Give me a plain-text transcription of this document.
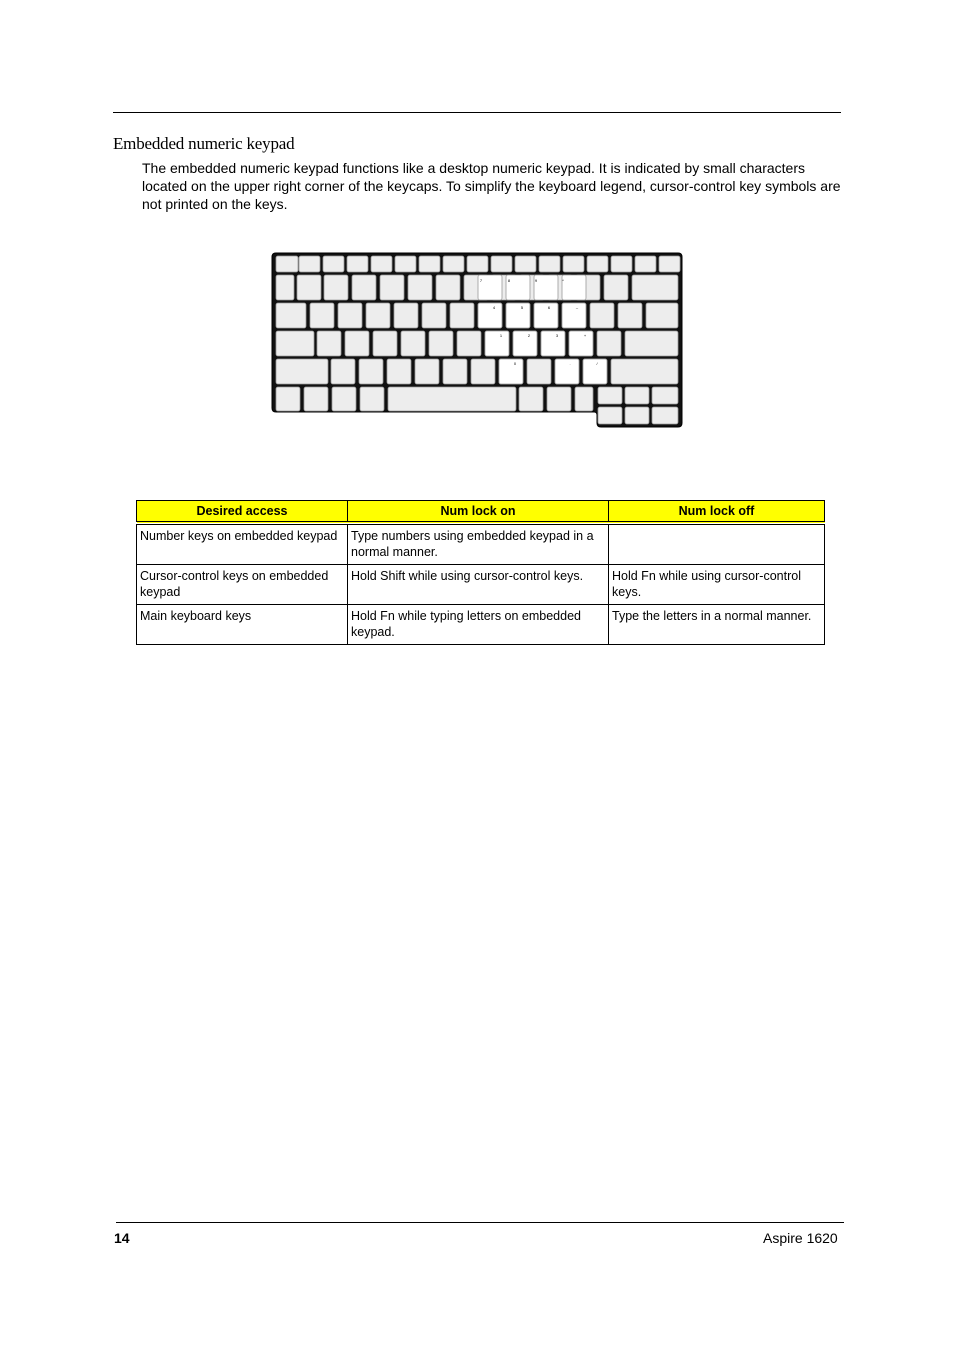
Embedded numeric keypad

The embedded numeric keypad functions like a desktop numeric keypad. It is indicated by small characters located on the upper right corner of the keycaps. To simplify the keyboard legend, cursor-control key symbols are not printed on the keys.

7	8	9	*
4	5	6	–
1	2	3	+
0	.	/
Desired access	Num lock on	Num lock off
Number keys on embedded keypad	Type numbers using embedded keypad in a normal manner.	
Cursor-control keys on embedded keypad	Hold Shift while using cursor-control keys.	Hold Fn while using cursor-control keys.
Main keyboard keys	Hold Fn while typing letters on embedded keypad.	Type the letters in a normal manner.
14	Aspire 1620
